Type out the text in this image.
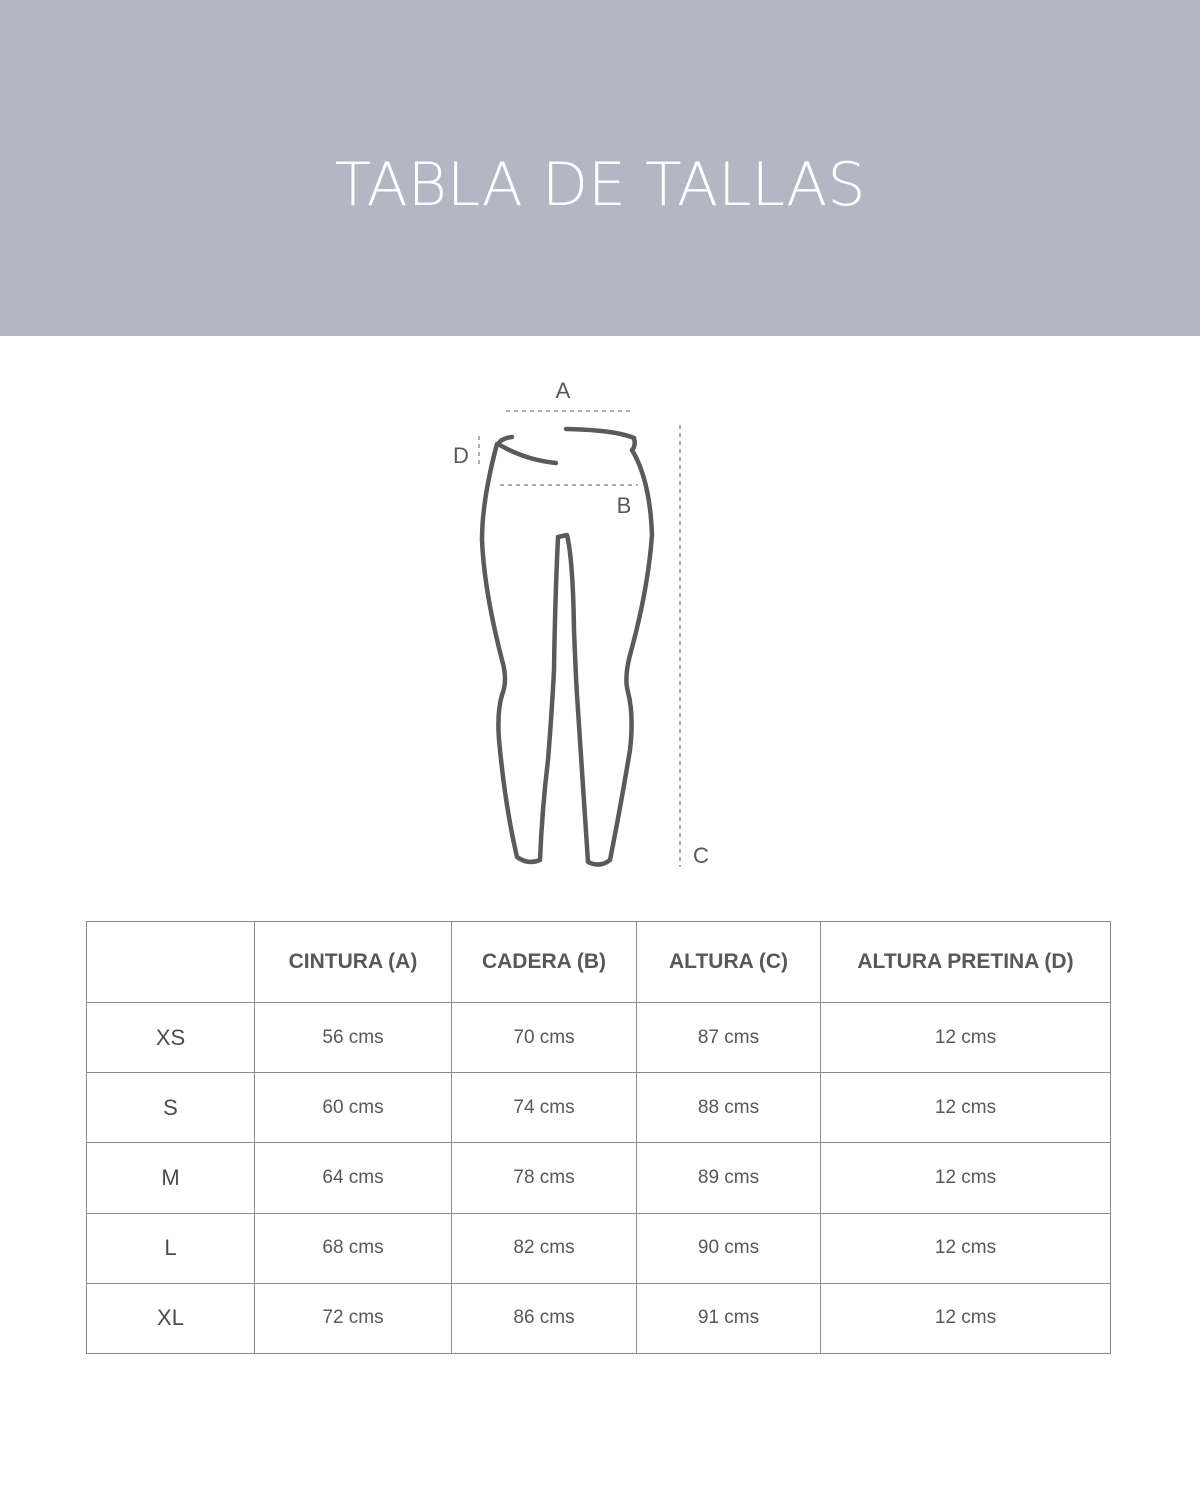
TABLA DE TALLAS
A
D
B
C
	CINTURA (A)	CADERA (B)	ALTURA (C)	ALTURA PRETINA (D)
XS	56 cms	70 cms	87 cms	12 cms
S	60 cms	74 cms	88 cms	12 cms
M	64 cms	78 cms	89 cms	12 cms
L	68 cms	82 cms	90 cms	12 cms
XL	72 cms	86 cms	91 cms	12 cms
